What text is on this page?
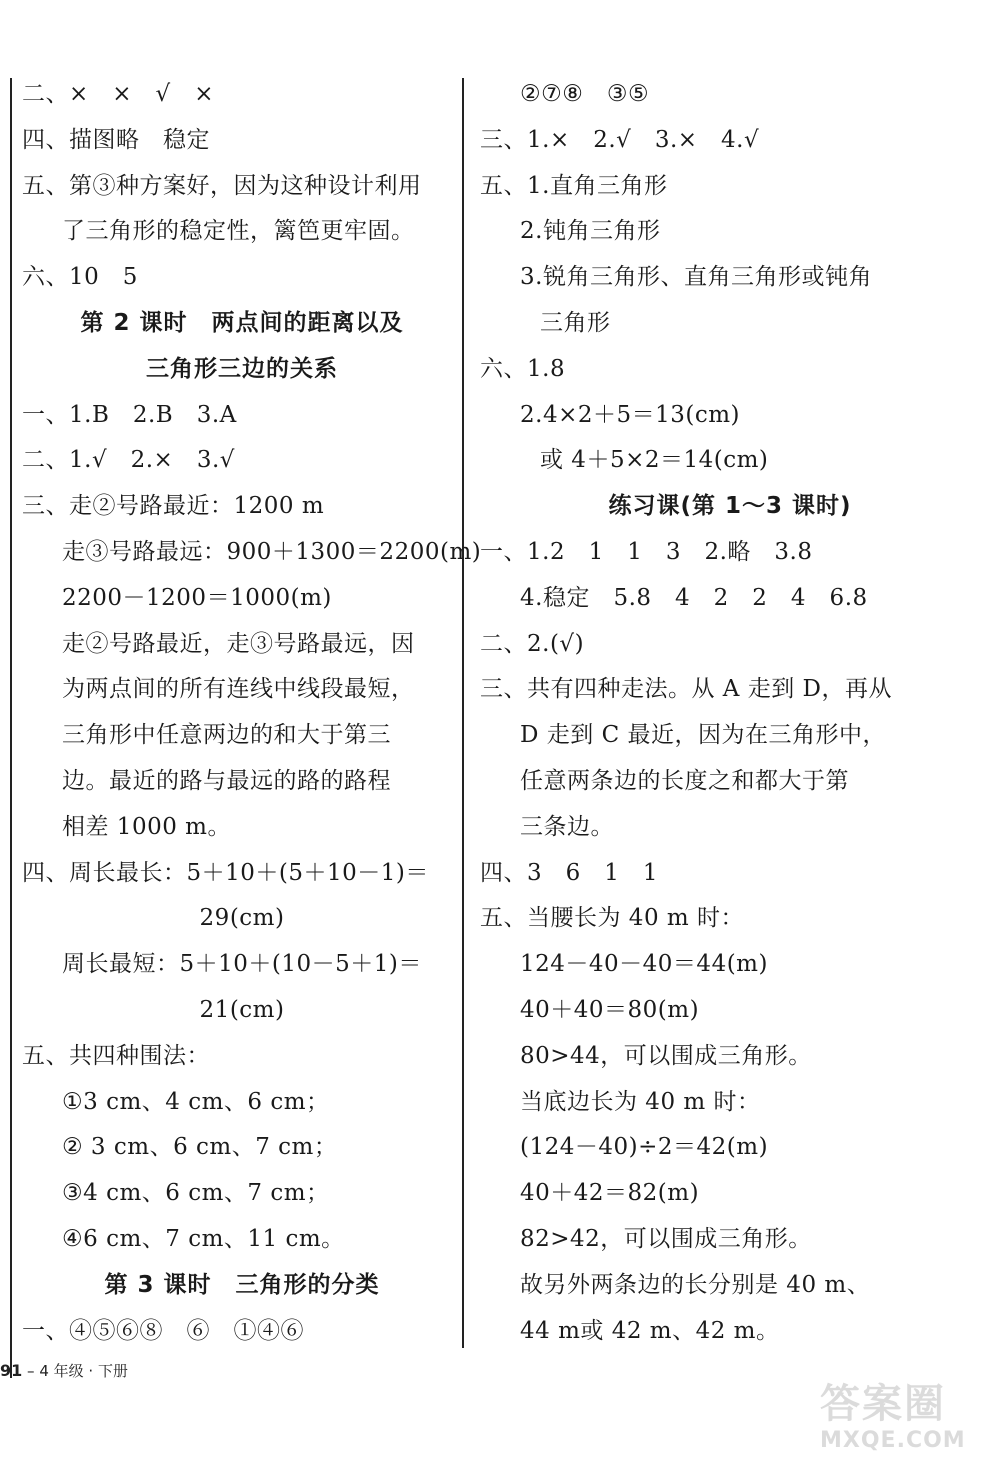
二、×　×　√　×
四、描图略　稳定
五、第③种方案好，因为这种设计利用
了三角形的稳定性，篱笆更牢固。
六、10　5
第 2 课时　两点间的距离以及
三角形三边的关系
一、1.B　2.B　3.A
二、1.√　2.×　3.√
三、走②号路最近：1200 m
走③号路最远：900＋1300＝2200(m)
2200－1200＝1000(m)
走②号路最近，走③号路最远，因
为两点间的所有连线中线段最短，
三角形中任意两边的和大于第三
边。最近的路与最远的路的路程
相差 1000 m。
四、周长最长：5＋10＋(5＋10－1)＝
29(cm)
周长最短：5＋10＋(10－5＋1)＝
21(cm)
五、共四种围法：
①3 cm、4 cm、6 cm；
② 3 cm、6 cm、7 cm；
③4 cm、6 cm、7 cm；
④6 cm、7 cm、11 cm。
第 3 课时　三角形的分类
一、④⑤⑥⑧　⑥　①④⑥
②⑦⑧　③⑤
三、1.×　2.√　3.×　4.√
五、1.直角三角形
2.钝角三角形
3.锐角三角形、直角三角形或钝角
三角形
六、1.8
2.4×2＋5＝13(cm)
或 4＋5×2＝14(cm)
练习课(第 1～3 课时)
一、1.2　1　1　3　2.略　3.8
4.稳定　5.8　4　2　2　4　6.8
二、2.(√)
三、共有四种走法。从 A 走到 D，再从
D 走到 C 最近，因为在三角形中，
任意两条边的长度之和都大于第
三条边。
四、3　6　1　1
五、当腰长为 40 m 时：
124－40－40＝44(m)
40＋40＝80(m)
80>44，可以围成三角形。
当底边长为 40 m 时：
(124－40)÷2＝42(m)
40＋42＝82(m)
82>42，可以围成三角形。
故另外两条边的长分别是 40 m、
44 m或 42 m、42 m。
91 – 4 年级 · 下册
答案圈
MXQE.COM
